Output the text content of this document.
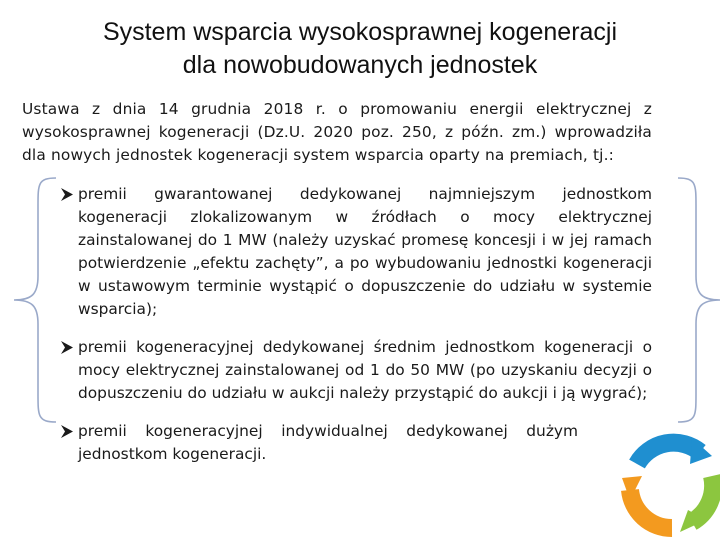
System wsparcia wysokosprawnej kogeneracji
dla nowobudowanych jednostek
Ustawa z dnia 14 grudnia 2018 r. o promowaniu energii elektrycznej z wysokosprawnej kogeneracji (Dz.U. 2020 poz. 250, z późn. zm.) wprowadziła dla nowych jednostek kogeneracji system wsparcia oparty na premiach, tj.:
premii gwarantowanej dedykowanej najmniejszym jednostkom kogeneracji zlokalizowanym w źródłach o mocy elektrycznej zainstalowanej do 1 MW (należy uzyskać promesę koncesji i w jej ramach potwierdzenie „efektu zachęty”, a po wybudowaniu jednostki kogeneracji w ustawowym terminie wystąpić o dopuszczenie do udziału w systemie wsparcia);
premii kogeneracyjnej dedykowanej średnim jednostkom kogeneracji o mocy elektrycznej zainstalowanej od 1 do 50 MW (po uzyskaniu decyzji o dopuszczeniu do udziału w aukcji należy przystąpić do aukcji i ją wygrać);
premii kogeneracyjnej indywidualnej dedykowanej dużym jednostkom kogeneracji.
